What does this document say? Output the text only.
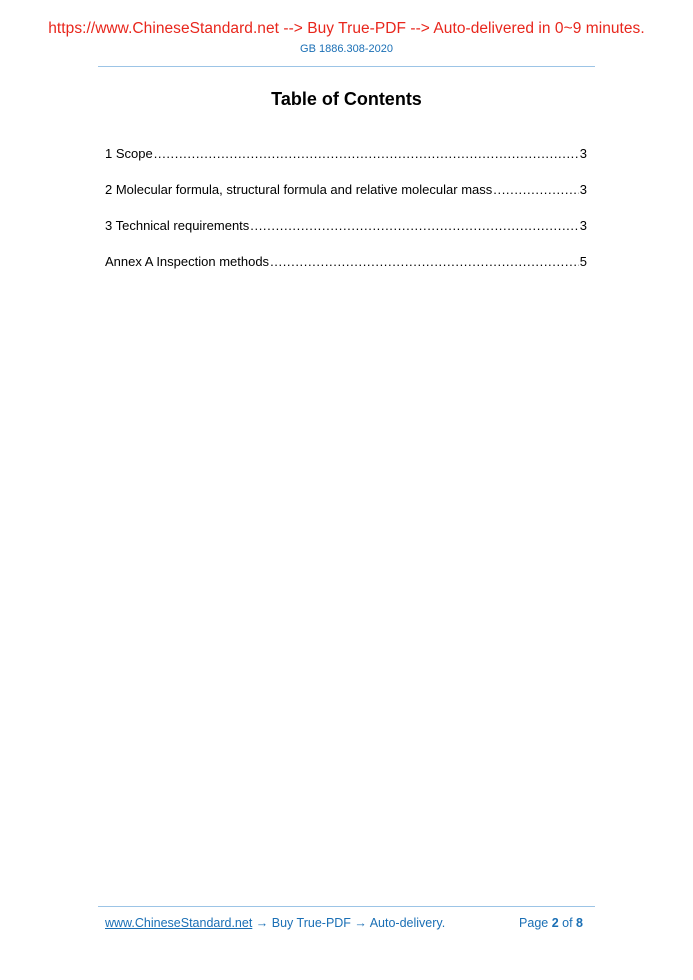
https://www.ChineseStandard.net --> Buy True-PDF --> Auto-delivered in 0~9 minutes.
GB 1886.308-2020
Table of Contents
1 Scope .....	3
2 Molecular formula, structural formula and relative molecular mass .....	3
3 Technical requirements .....	3
Annex A Inspection methods .....	5
www.ChineseStandard.net → Buy True-PDF → Auto-delivery.	Page 2 of 8
